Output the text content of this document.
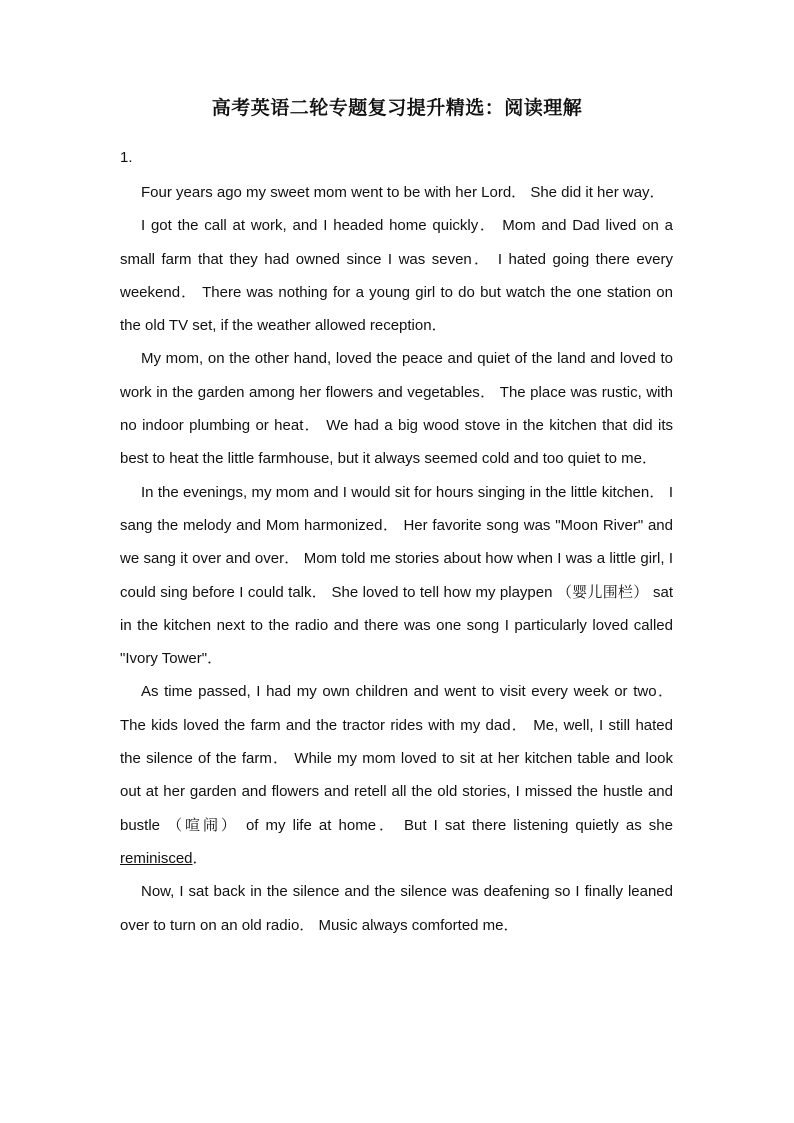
高考英语二轮专题复习提升精选：阅读理解
1.

Four years ago my sweet mom went to be with her Lord． She did it her way．

I got the call at work, and I headed home quickly． Mom and Dad lived on a small farm that they had owned since I was seven． I hated going there every weekend． There was nothing for a young girl to do but watch the one station on the old TV set, if the weather allowed reception．

My mom, on the other hand, loved the peace and quiet of the land and loved to work in the garden among her flowers and vegetables． The place was rustic, with no indoor plumbing or heat． We had a big wood stove in the kitchen that did its best to heat the little farmhouse, but it always seemed cold and too quiet to me．

In the evenings, my mom and I would sit for hours singing in the little kitchen． I sang the melody and Mom harmonized． Her favorite song was "Moon River" and we sang it over and over． Mom told me stories about how when I was a little girl, I could sing before I could talk． She loved to tell how my playpen （婴儿围栏） sat in the kitchen next to the radio and there was one song I particularly loved called "Ivory Tower"．

As time passed, I had my own children and went to visit every week or two． The kids loved the farm and the tractor rides with my dad． Me, well, I still hated the silence of the farm． While my mom loved to sit at her kitchen table and look out at her garden and flowers and retell all the old stories, I missed the hustle and bustle （喧闹） of my life at home． But I sat there listening quietly as she reminisced．

Now, I sat back in the silence and the silence was deafening so I finally leaned over to turn on an old radio． Music always comforted me．
